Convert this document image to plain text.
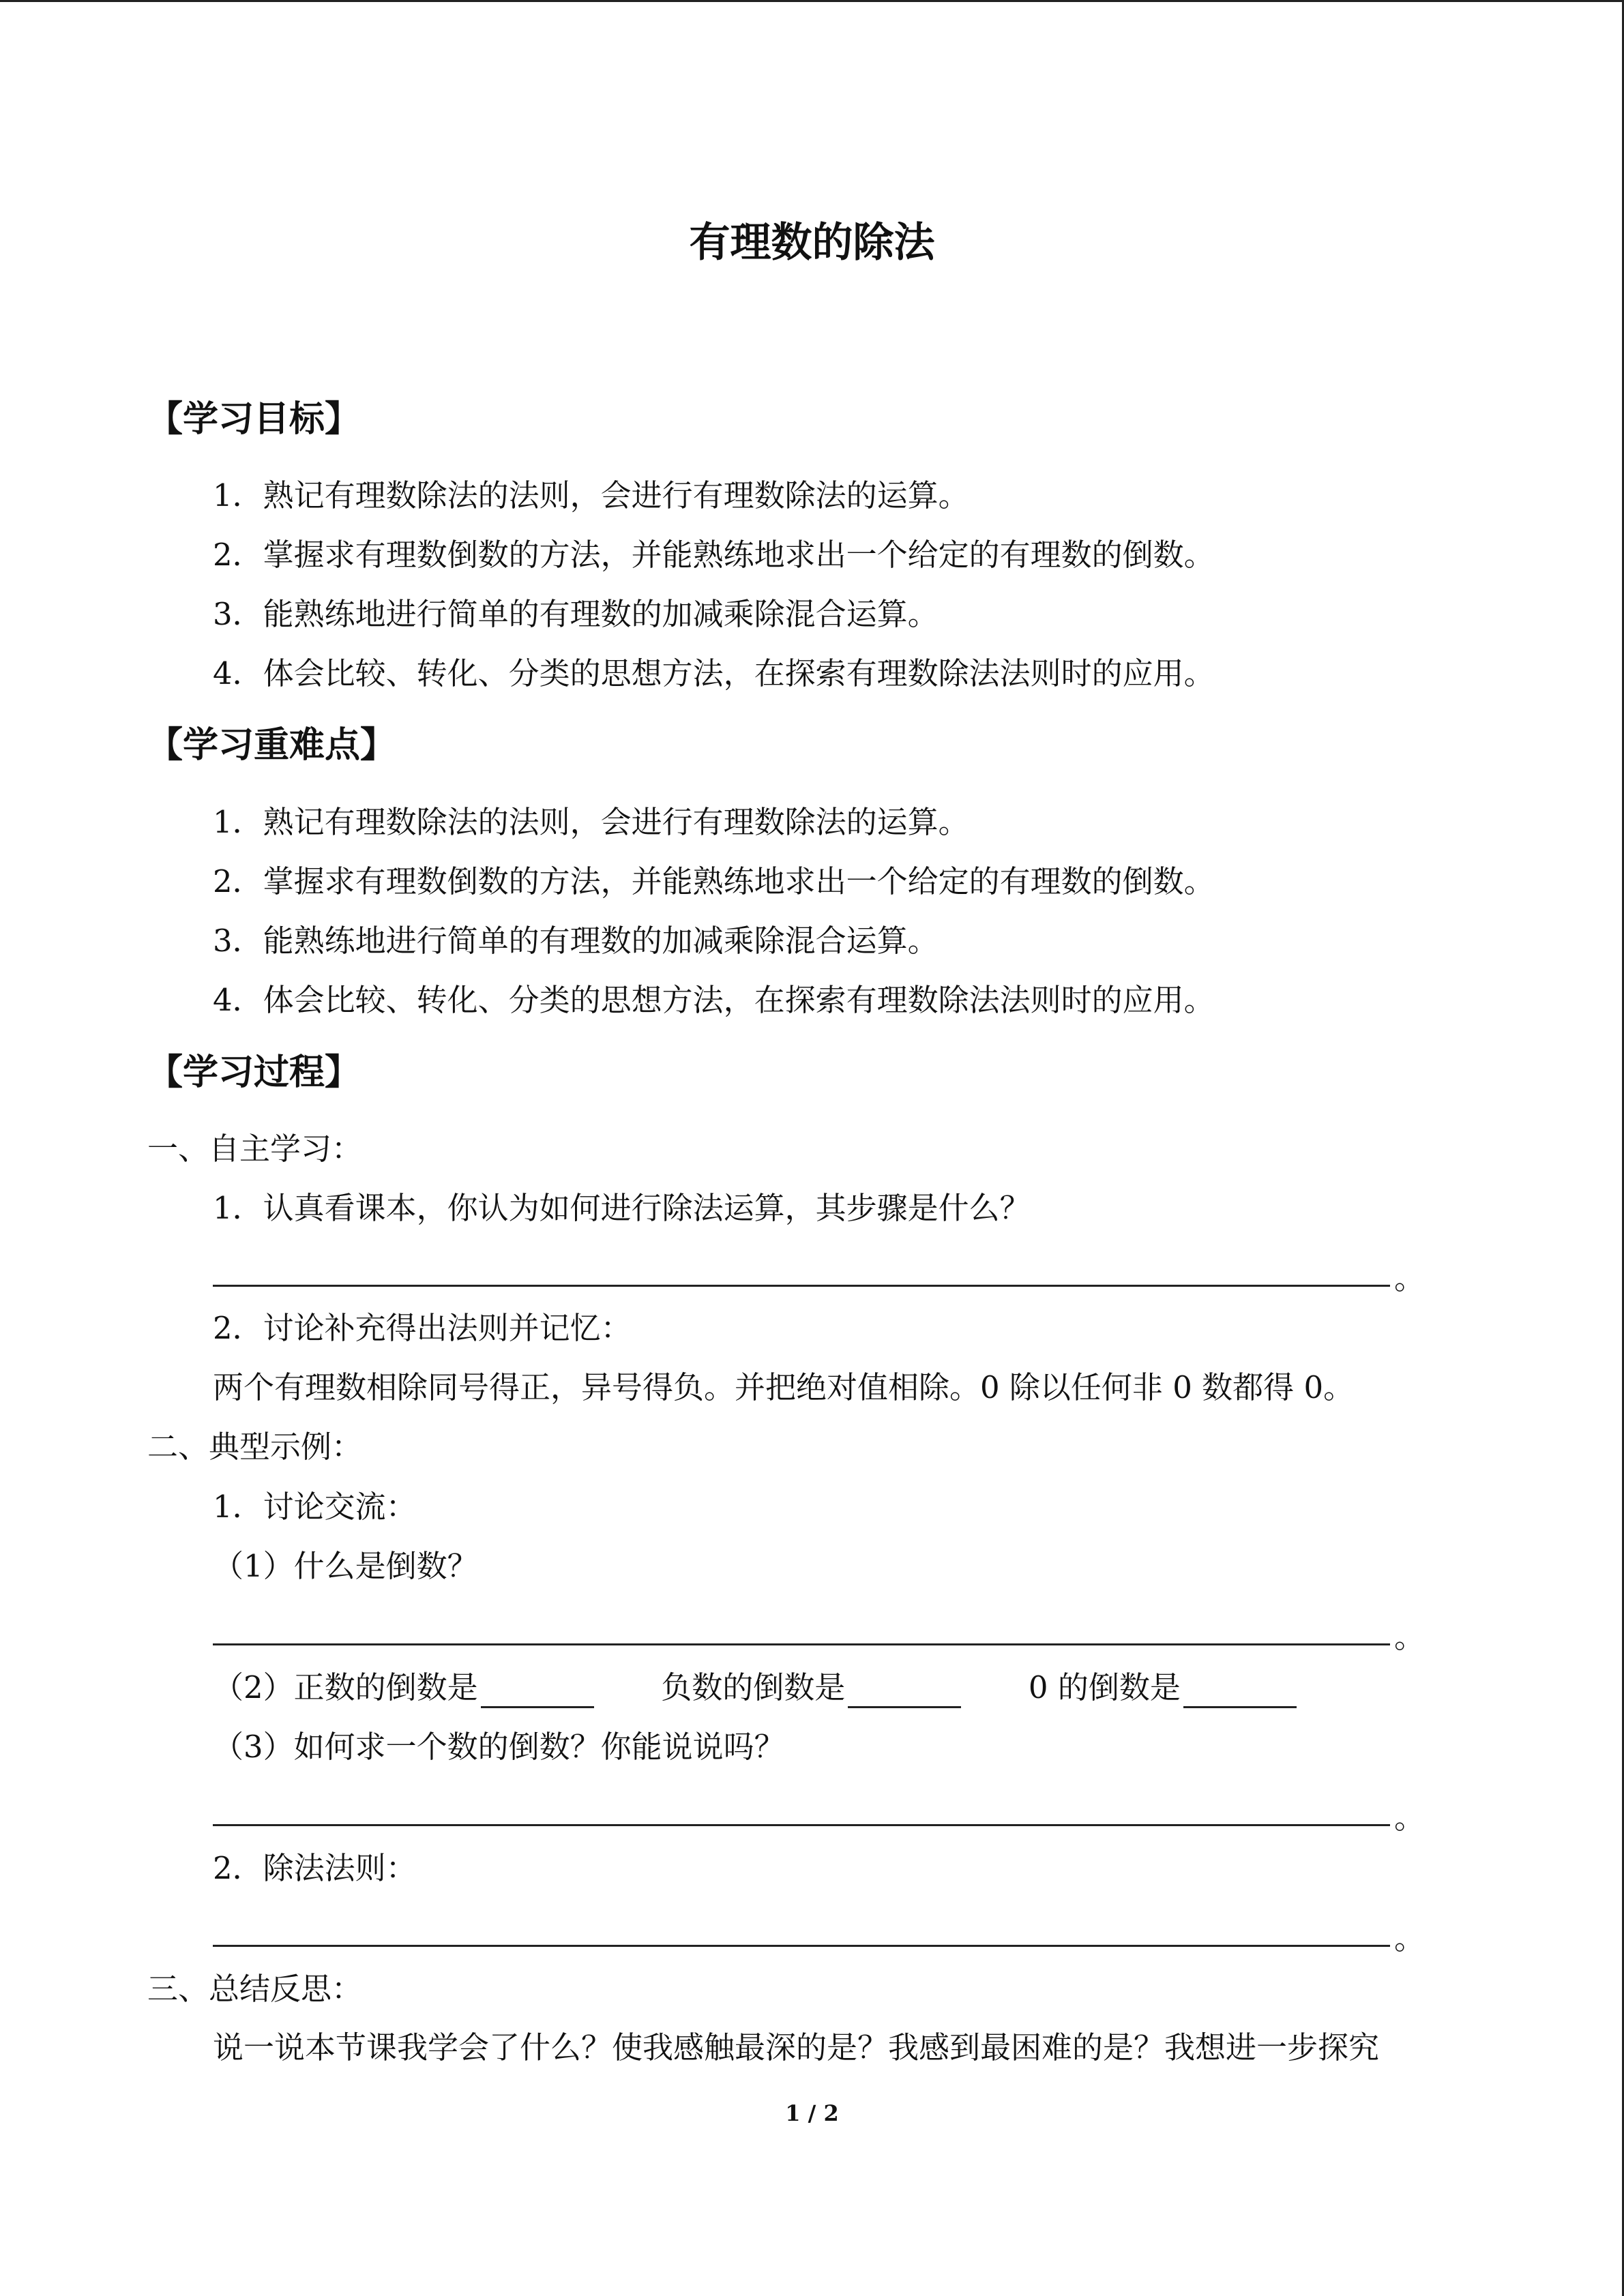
有理数的除法
【学习目标】
1．熟记有理数除法的法则，会进行有理数除法的运算。
2．掌握求有理数倒数的方法，并能熟练地求出一个给定的有理数的倒数。
3．能熟练地进行简单的有理数的加减乘除混合运算。
4．体会比较、转化、分类的思想方法，在探索有理数除法法则时的应用。
【学习重难点】
1．熟记有理数除法的法则，会进行有理数除法的运算。
2．掌握求有理数倒数的方法，并能熟练地求出一个给定的有理数的倒数。
3．能熟练地进行简单的有理数的加减乘除混合运算。
4．体会比较、转化、分类的思想方法，在探索有理数除法法则时的应用。
【学习过程】
一、自主学习：
1．认真看课本，你认为如何进行除法运算，其步骤是什么？
。
2．讨论补充得出法则并记忆：
两个有理数相除同号得正，异号得负。并把绝对值相除。0 除以任何非 0 数都得 0。
二、典型示例：
1．讨论交流：
（1）什么是倒数？
。
（2）正数的倒数是	负数的倒数是	0 的倒数是
（3）如何求一个数的倒数？你能说说吗？
。
2．除法法则：
。
三、总结反思：
说一说本节课我学会了什么？使我感触最深的是？我感到最困难的是？我想进一步探究
1 / 2
